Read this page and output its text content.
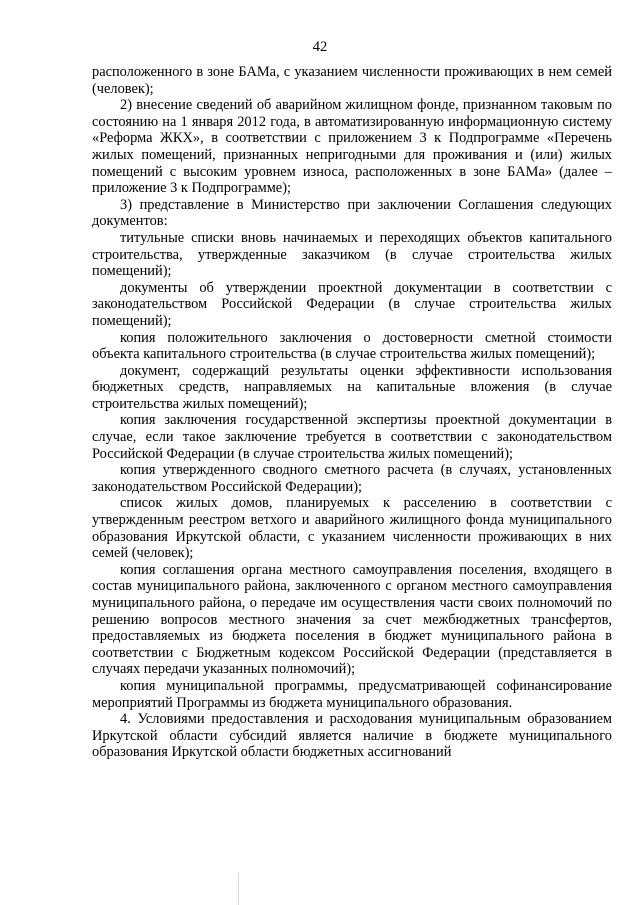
42

расположенного в зоне БАМа, с указанием численности проживающих в нем семей (человек);

2) внесение сведений об аварийном жилищном фонде, признанном таковым по состоянию на 1 января 2012 года, в автоматизированную информационную систему «Реформа ЖКХ», в соответствии с приложением 3 к Подпрограмме «Перечень жилых помещений, признанных непригодными для проживания и (или) жилых помещений с высоким уровнем износа, расположенных в зоне БАМа» (далее – приложение 3 к Подпрограмме);

3) представление в Министерство при заключении Соглашения следующих документов:

титульные списки вновь начинаемых и переходящих объектов капитального строительства, утвержденные заказчиком (в случае строительства жилых помещений);

документы об утверждении проектной документации в соответствии с законодательством Российской Федерации (в случае строительства жилых помещений);

копия положительного заключения о достоверности сметной стоимости объекта капитального строительства (в случае строительства жилых помещений);

документ, содержащий результаты оценки эффективности использования бюджетных средств, направляемых на капитальные вложения (в случае строительства жилых помещений);

копия заключения государственной экспертизы проектной документации в случае, если такое заключение требуется в соответствии с законодательством Российской Федерации (в случае строительства жилых помещений);

копия утвержденного сводного сметного расчета (в случаях, установленных законодательством Российской Федерации);

список жилых домов, планируемых к расселению в соответствии с утвержденным реестром ветхого и аварийного жилищного фонда муниципального образования Иркутской области, с указанием численности проживающих в них семей (человек);

копия соглашения органа местного самоуправления поселения, входящего в состав муниципального района, заключенного с органом местного самоуправления муниципального района, о передаче им осуществления части своих полномочий по решению вопросов местного значения за счет межбюджетных трансфертов, предоставляемых из бюджета поселения в бюджет муниципального района в соответствии с Бюджетным кодексом Российской Федерации (представляется в случаях передачи указанных полномочий);

копия муниципальной программы, предусматривающей софинансирование мероприятий Программы из бюджета муниципального образования.

4. Условиями предоставления и расходования муниципальным образованием Иркутской области субсидий является наличие в бюджете муниципального образования Иркутской области бюджетных ассигнований
